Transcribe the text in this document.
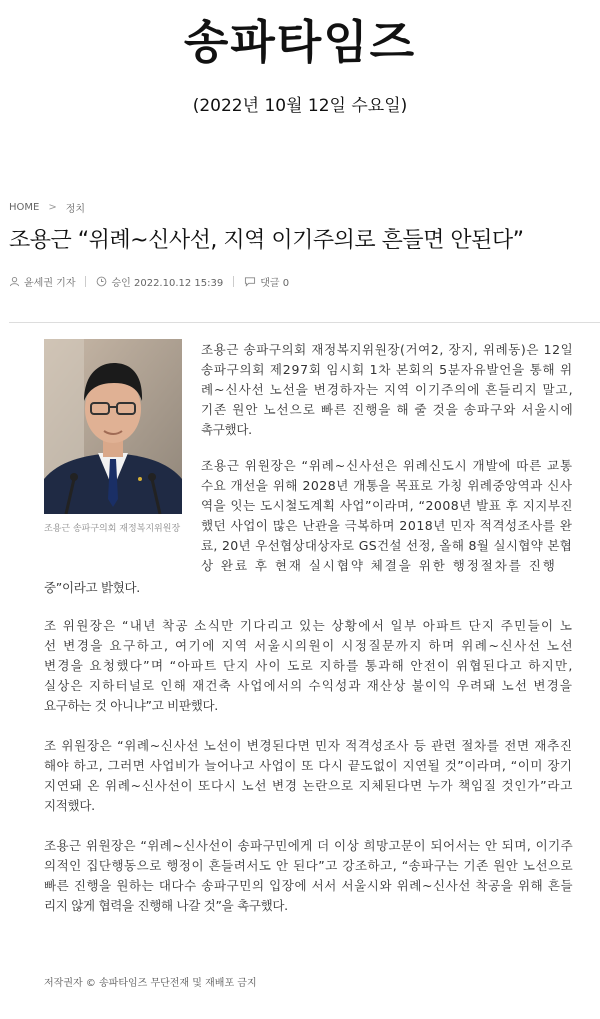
송파타임즈
(2022년 10월 12일 수요일)
HOME > 정치
조용근 “위례~신사선, 지역 이기주의로 흔들면 안된다”
윤세권 기자	승인 2022.10.12 15:39	댓글 0
조용근 송파구의회 재정복지위원장
조용근 송파구의회 재정복지위원장(거여2, 장지, 위례동)은 12일
송파구의회 제297회 임시회 1차 본회의 5분자유발언을 통해 위
례~신사선 노선을 변경하자는 지역 이기주의에 흔들리지 말고,
기존 원안 노선으로 빠른 진행을 해 줄 것을 송파구와 서울시에
촉구했다.
조용근 위원장은 “위례~신사선은 위례신도시 개발에 따른 교통
수요 개선을 위해 2028년 개통을 목표로 가칭 위례중앙역과 신사
역을 잇는 도시철도계획 사업”이라며, “2008년 발표 후 지지부진
했던 사업이 많은 난관을 극복하며 2018년 민자 적격성조사를 완
료, 20년 우선협상대상자로 GS건설 선정, 올해 8월 실시협약 본협
상 완료 후 현재 실시협약 체결을 위한 행정절차를 진행
중”이라고 밝혔다.
조 위원장은 “내년 착공 소식만 기다리고 있는 상황에서 일부 아파트 단지 주민들이 노
선 변경을 요구하고, 여기에 지역 서울시의원이 시정질문까지 하며 위례~신사선 노선
변경을 요청했다”며 “아파트 단지 사이 도로 지하를 통과해 안전이 위협된다고 하지만,
실상은 지하터널로 인해 재건축 사업에서의 수익성과 재산상 불이익 우려돼 노선 변경을
요구하는 것 아니냐”고 비판했다.
조 위원장은 “위례~신사선 노선이 변경된다면 민자 적격성조사 등 관련 절차를 전면 재추진
해야 하고, 그러면 사업비가 늘어나고 사업이 또 다시 끝도없이 지연될 것”이라며, “이미 장기
지연돼 온 위례~신사선이 또다시 노선 변경 논란으로 지체된다면 누가 책임질 것인가”라고
지적했다.
조용근 위원장은 “위례~신사선이 송파구민에게 더 이상 희망고문이 되어서는 안 되며, 이기주
의적인 집단행동으로 행정이 흔들려서도 안 된다”고 강조하고, “송파구는 기존 원안 노선으로
빠른 진행을 원하는 대다수 송파구민의 입장에 서서 서울시와 위례~신사선 착공을 위해 흔들
리지 않게 협력을 진행해 나갈 것”을 촉구했다.
저작권자 © 송파타임즈 무단전재 및 재배포 금지
